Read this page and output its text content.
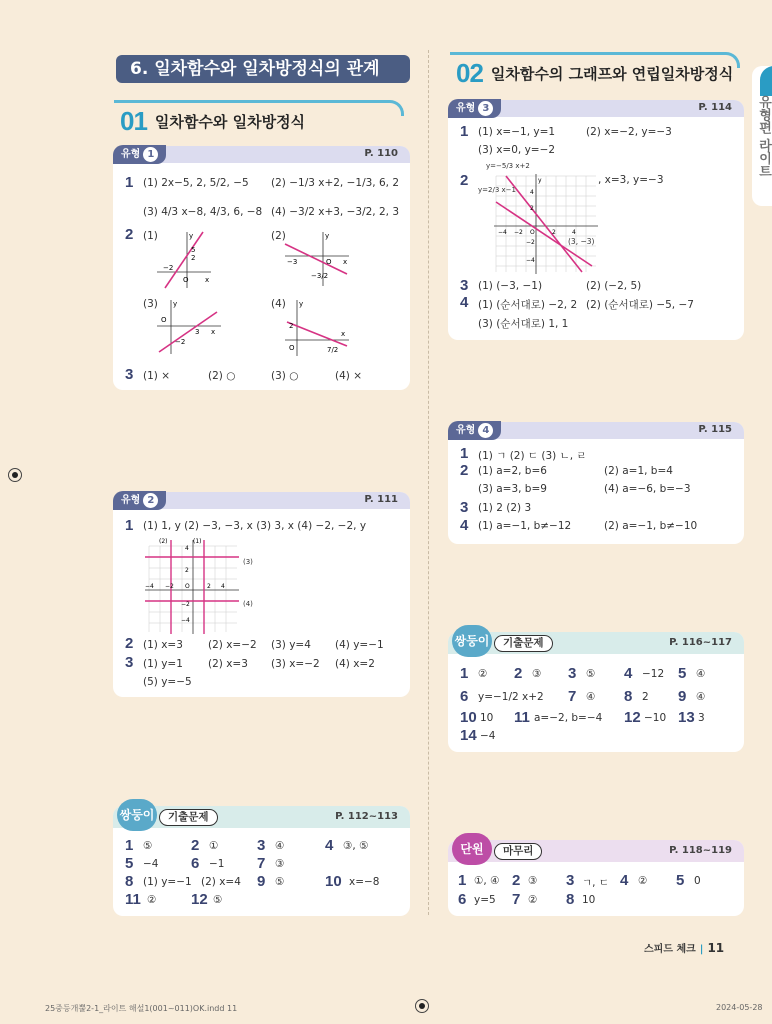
6. 일차함수와 일차방정식의 관계
01 일차함수와 일차방정식
02 일차함수의 그래프와 연립일차방정식
유형 1	P. 110
1 (1) 2x−5, 2, 5/2, −5 (2) −1/3 x+2, −1/3, 6, 2
(3) 4/3 x−8, 4/3, 6, −8 (4) −3/2 x+3, −3/2, 2, 3
2 (1)	(2)
(3)	(4)
−2
5
2
O x
y
−3	O
−3/2
x
y
O
3
−2
x
y
2
O	7/2
x
y
3 (1) ×	(2) ○	(3) ○	(4) ×
유형 2	P. 111
1 (1) 1, y (2) −3, −3, x (3) 3, x (4) −2, −2, y
(2)	(1)
4
2
−4 −2 O	2 4
−2
−4
(3)
(4)
2 (1) x=3 (2) x=−2 (3) y=4 (4) y=−1
3 (1) y=1 (2) x=3 (3) x=−2 (4) x=2
(5) y=−5
쌍둥이	기출문제	P. 112~113
1 ⑤	2 ①	3 ④	4 ③, ⑤
5 −4 6 −1 7 ③
8 (1) y=−1 (2) x=4 9 ⑤	10 x=−8
11 ② 12 ⑤
유형 3	P. 114
1 (1) x=−1, y=1	(2) x=−2, y=−3
(3) x=0, y=−2
2
y=−5/3 x+2
y=2/3 x−1
y
4
2
−4 −2 O	2	4
−2
−4
(3, −3)
, x=3, y=−3
3 (1) (−3, −1)	(2) (−2, 5)
4 (1) (순서대로) −2, 2 (2) (순서대로) −5, −7
(3) (순서대로) 1, 1
유형 4	P. 115
1 (1) ㄱ (2) ㄷ (3) ㄴ, ㄹ
2 (1) a=2, b=6	(2) a=1, b=4
(3) a=3, b=9	(4) a=−6, b=−3
3 (1) 2 (2) 3
4 (1) a=−1, b≠−12	(2) a=−1, b≠−10
쌍둥이	기출문제	P. 116~117
1 ② 2 ③ 3 ⑤ 4 −12 5 ④
6 y=−1/2 x+2 7 ④ 8 2 9 ④
10 10 11 a=−2, b=−4 12 −10 13 3
14 −4
단원	마무리	P. 118~119
1 ①, ④ 2 ③ 3 ㄱ, ㄷ 4 ② 5 0
6 y=5 7 ② 8 10
유형편 라이트
스피드 체크 | 11
25중등개뿔2-1_라이트 해설1(001~011)OK.indd 11	2024-05-28
